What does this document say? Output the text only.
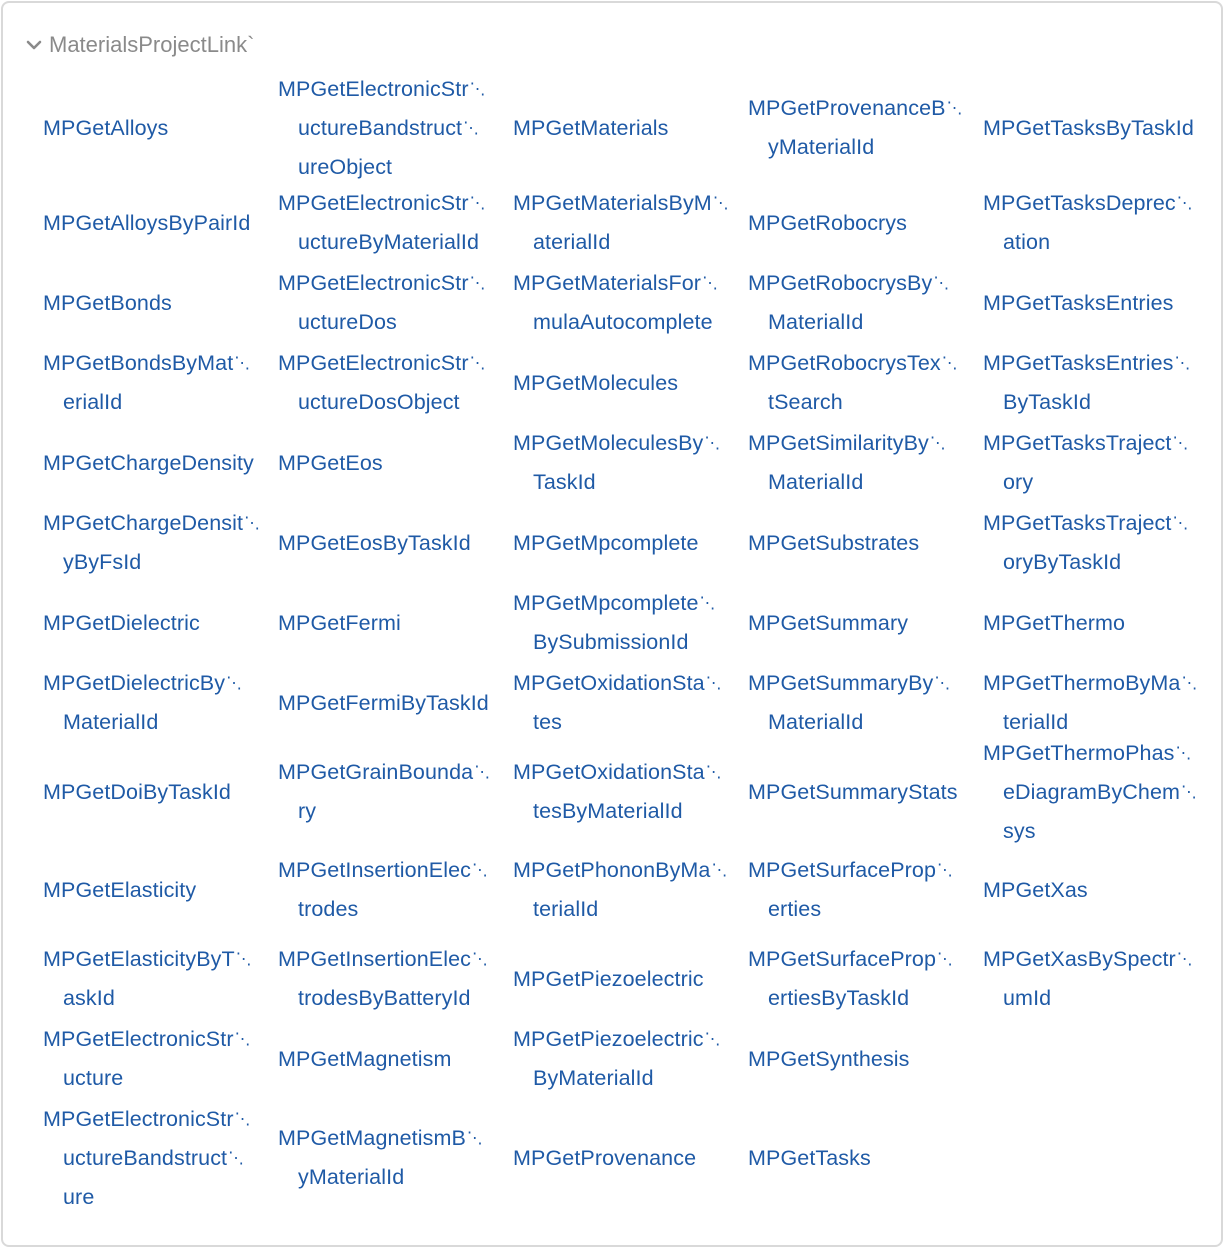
MaterialsProjectLink`
MPGetAlloys
MPGetAlloysByPairId
MPGetBonds
MPGetBondsByMat⋱
erialId
MPGetChargeDensity
MPGetChargeDensit⋱
yByFsId
MPGetDielectric
MPGetDielectricBy⋱
MaterialId
MPGetDoiByTaskId
MPGetElasticity
MPGetElasticityByT⋱
askId
MPGetElectronicStr⋱
ucture
MPGetElectronicStr⋱
uctureBandstruct⋱
ure
MPGetElectronicStr⋱
uctureBandstruct⋱
ureObject
MPGetElectronicStr⋱
uctureByMaterialId
MPGetElectronicStr⋱
uctureDos
MPGetElectronicStr⋱
uctureDosObject
MPGetEos
MPGetEosByTaskId
MPGetFermi
MPGetFermiByTaskId
MPGetGrainBounda⋱
ry
MPGetInsertionElec⋱
trodes
MPGetInsertionElec⋱
trodesByBatteryId
MPGetMagnetism
MPGetMagnetismB⋱
yMaterialId
MPGetMaterials
MPGetMaterialsByM⋱
aterialId
MPGetMaterialsFor⋱
mulaAutocomplete
MPGetMolecules
MPGetMoleculesBy⋱
TaskId
MPGetMpcomplete
MPGetMpcomplete⋱
BySubmissionId
MPGetOxidationSta⋱
tes
MPGetOxidationSta⋱
tesByMaterialId
MPGetPhononByMa⋱
terialId
MPGetPiezoelectric
MPGetPiezoelectric⋱
ByMaterialId
MPGetProvenance
MPGetProvenanceB⋱
yMaterialId
MPGetRobocrys
MPGetRobocrysBy⋱
MaterialId
MPGetRobocrysTex⋱
tSearch
MPGetSimilarityBy⋱
MaterialId
MPGetSubstrates
MPGetSummary
MPGetSummaryBy⋱
MaterialId
MPGetSummaryStats
MPGetSurfaceProp⋱
erties
MPGetSurfaceProp⋱
ertiesByTaskId
MPGetSynthesis
MPGetTasks
MPGetTasksByTaskId
MPGetTasksDeprec⋱
ation
MPGetTasksEntries
MPGetTasksEntries⋱
ByTaskId
MPGetTasksTraject⋱
ory
MPGetTasksTraject⋱
oryByTaskId
MPGetThermo
MPGetThermoByMa⋱
terialId
MPGetThermoPhas⋱
eDiagramByChem⋱
sys
MPGetXas
MPGetXasBySpectr⋱
umId
